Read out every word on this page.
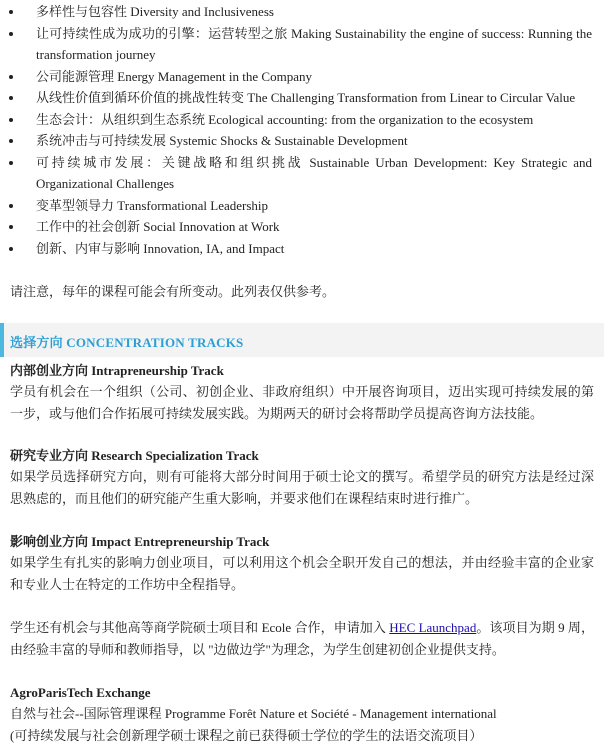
多样性与包容性 Diversity and Inclusiveness
让可持续性成为成功的引擎：运营转型之旅 Making Sustainability the engine of success: Running the transformation journey
公司能源管理 Energy Management in the Company
从线性价值到循环价值的挑战性转变 The Challenging Transformation from Linear to Circular Value
生态会计：从组织到生态系统 Ecological accounting: from the organization to the ecosystem
系统冲击与可持续发展 Systemic Shocks & Sustainable Development
可持续城市发展：关键战略和组织挑战 Sustainable Urban Development: Key Strategic and Organizational Challenges
变革型领导力 Transformational Leadership
工作中的社会创新 Social Innovation at Work
创新、内审与影响 Innovation, IA, and Impact
请注意，每年的课程可能会有所变动。此列表仅供参考。
选择方向 CONCENTRATION TRACKS
内部创业方向 Intrapreneurship Track
学员有机会在一个组织（公司、初创企业、非政府组织）中开展咨询项目，迈出实现可持续发展的第一步，或与他们合作拓展可持续发展实践。为期两天的研讨会将帮助学员提高咨询方法技能。
研究专业方向 Research Specialization Track
如果学员选择研究方向，则有可能将大部分时间用于硕士论文的撰写。希望学员的研究方法是经过深思熟虑的，而且他们的研究能产生重大影响，并要求他们在课程结束时进行推广。
影响创业方向 Impact Entrepreneurship Track
如果学生有扎实的影响力创业项目，可以利用这个机会全职开发自己的想法，并由经验丰富的企业家和专业人士在特定的工作坊中全程指导。
学生还有机会与其他高等商学院硕士项目和 Ecole 合作，申请加入 HEC Launchpad。该项目为期 9 周，由经验丰富的导师和教师指导，以 "边做边学"为理念，为学生创建初创企业提供支持。
AgroParisTech Exchange
自然与社会--国际管理课程 Programme Forêt Nature et Société - Management international
(可持续发展与社会创新理学硕士课程之前已获得硕士学位的学生的法语交流项目）
